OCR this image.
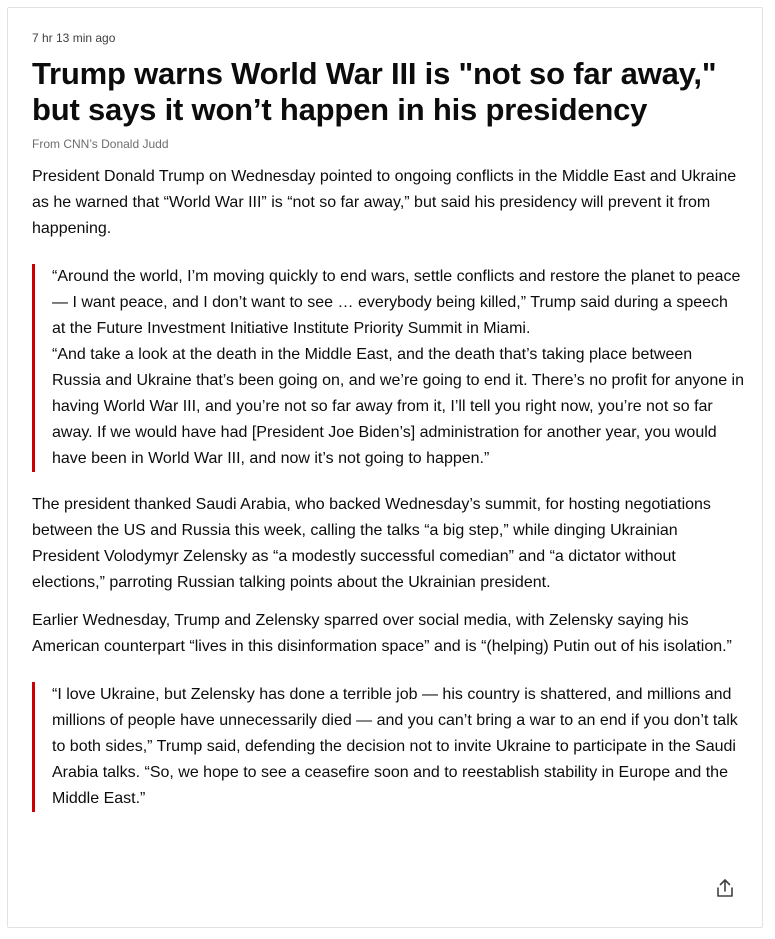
7 hr 13 min ago
Trump warns World War III is "not so far away," but says it won’t happen in his presidency
From CNN’s Donald Judd

President Donald Trump on Wednesday pointed to ongoing conflicts in the Middle East and Ukraine as he warned that “World War III” is “not so far away,” but said his presidency will prevent it from happening.

“Around the world, I’m moving quickly to end wars, settle conflicts and restore the planet to peace — I want peace, and I don’t want to see … everybody being killed,” Trump said during a speech at the Future Investment Initiative Institute Priority Summit in Miami.

“And take a look at the death in the Middle East, and the death that’s taking place between Russia and Ukraine that’s been going on, and we’re going to end it. There’s no profit for anyone in having World War III, and you’re not so far away from it, I’ll tell you right now, you’re not so far away. If we would have had [President Joe Biden’s] administration for another year, you would have been in World War III, and now it’s not going to happen.”

The president thanked Saudi Arabia, who backed Wednesday’s summit, for hosting negotiations between the US and Russia this week, calling the talks “a big step,” while dinging Ukrainian President Volodymyr Zelensky as “a modestly successful comedian” and “a dictator without elections,” parroting Russian talking points about the Ukrainian president.

Earlier Wednesday, Trump and Zelensky sparred over social media, with Zelensky saying his American counterpart “lives in this disinformation space” and is “(helping) Putin out of his isolation.”

“I love Ukraine, but Zelensky has done a terrible job — his country is shattered, and millions and millions of people have unnecessarily died — and you can’t bring a war to an end if you don’t talk to both sides,” Trump said, defending the decision not to invite Ukraine to participate in the Saudi Arabia talks. “So, we hope to see a ceasefire soon and to reestablish stability in Europe and the Middle East.”
